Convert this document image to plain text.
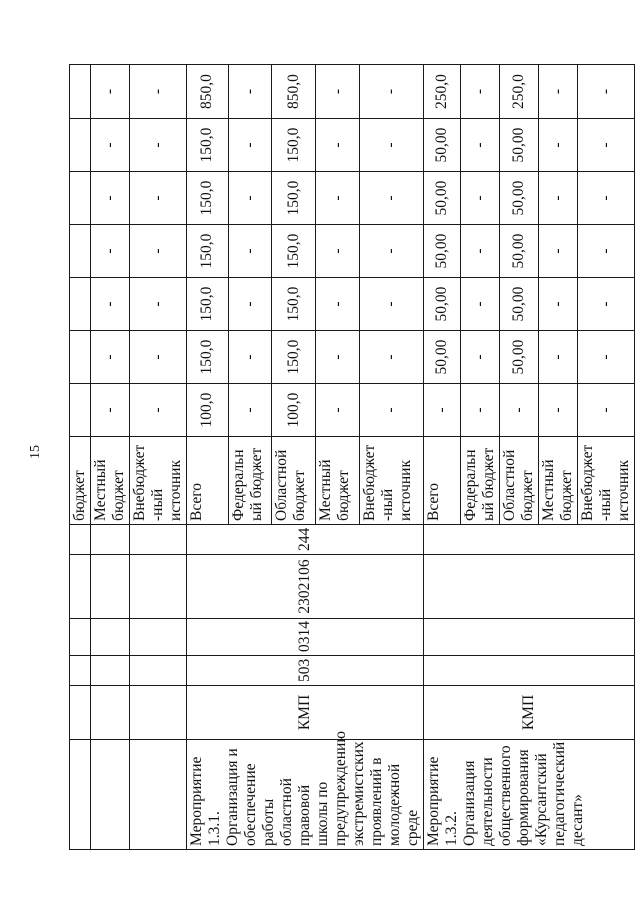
15
						бюджет							
						Местный бюджет	-	-	-	-	-	-	-
						Внебюджет-ный источник	-	-	-	-	-	-	-
Мероприятие 1.3.1. Организация и обеспечение работы областной правовой школы по предупреждению экстремистских проявлений в молодежной среде	КМП	503	0314	2302106	244	Всего	100,0	150,0	150,0	150,0	150,0	150,0	850,0
						Федеральный бюджет	-	-	-	-	-	-	-
						Областной бюджет	100,0	150,0	150,0	150,0	150,0	150,0	850,0
						Местный бюджет	-	-	-	-	-	-	-
						Внебюджет-ный источник	-	-	-	-	-	-	-
Мероприятие 1.3.2. Организация деятельности общественного формирования «Курсантский педагогический десант»	КМП					Всего	-	50,00	50,00	50,00	50,00	50,00	250,0
						Федеральный бюджет	-	-	-	-	-	-	-
						Областной бюджет	-	50,00	50,00	50,00	50,00	50,00	250,0
						Местный бюджет	-	-	-	-	-	-	-
						Внебюджет-ный источник	-	-	-	-	-	-	-
